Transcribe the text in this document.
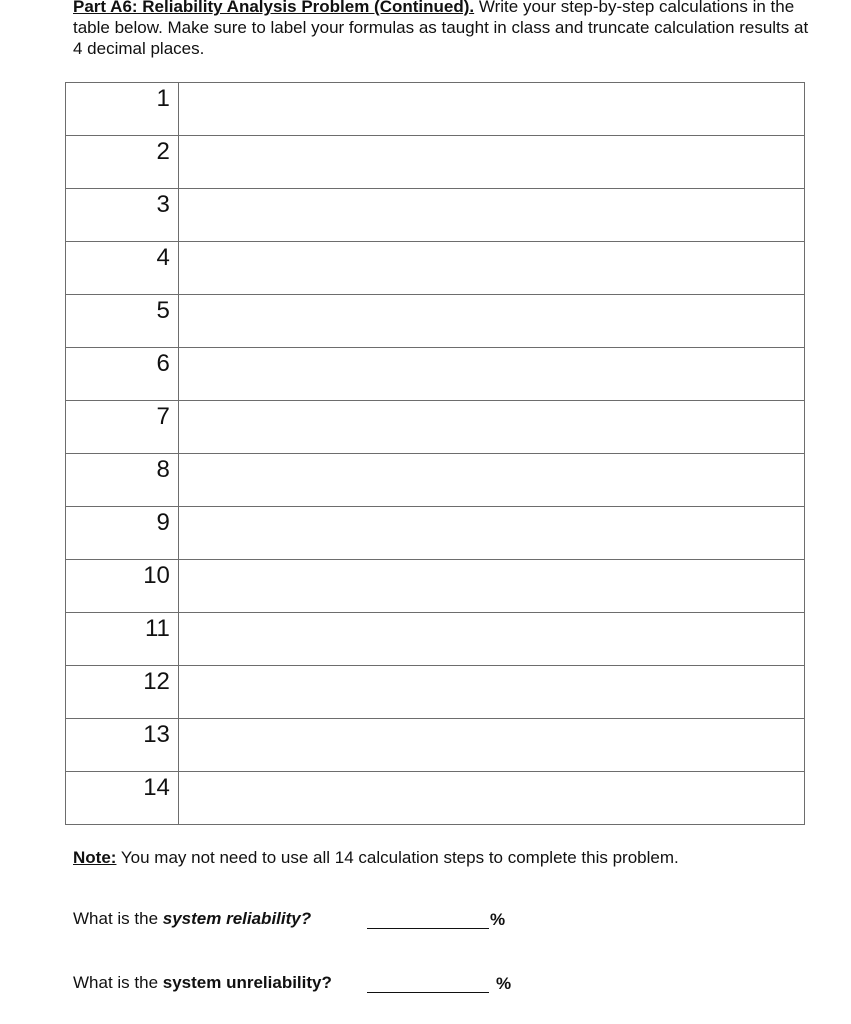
Part A6: Reliability Analysis Problem (Continued). Write your step-by-step calculations in the table below. Make sure to label your formulas as taught in class and truncate calculation results at 4 decimal places.
1	
2	
3	
4	
5	
6	
7	
8	
9	
10	
11	
12	
13	
14	
Note: You may not need to use all 14 calculation steps to complete this problem.
What is the system reliability?	%
What is the system unreliability?	%
